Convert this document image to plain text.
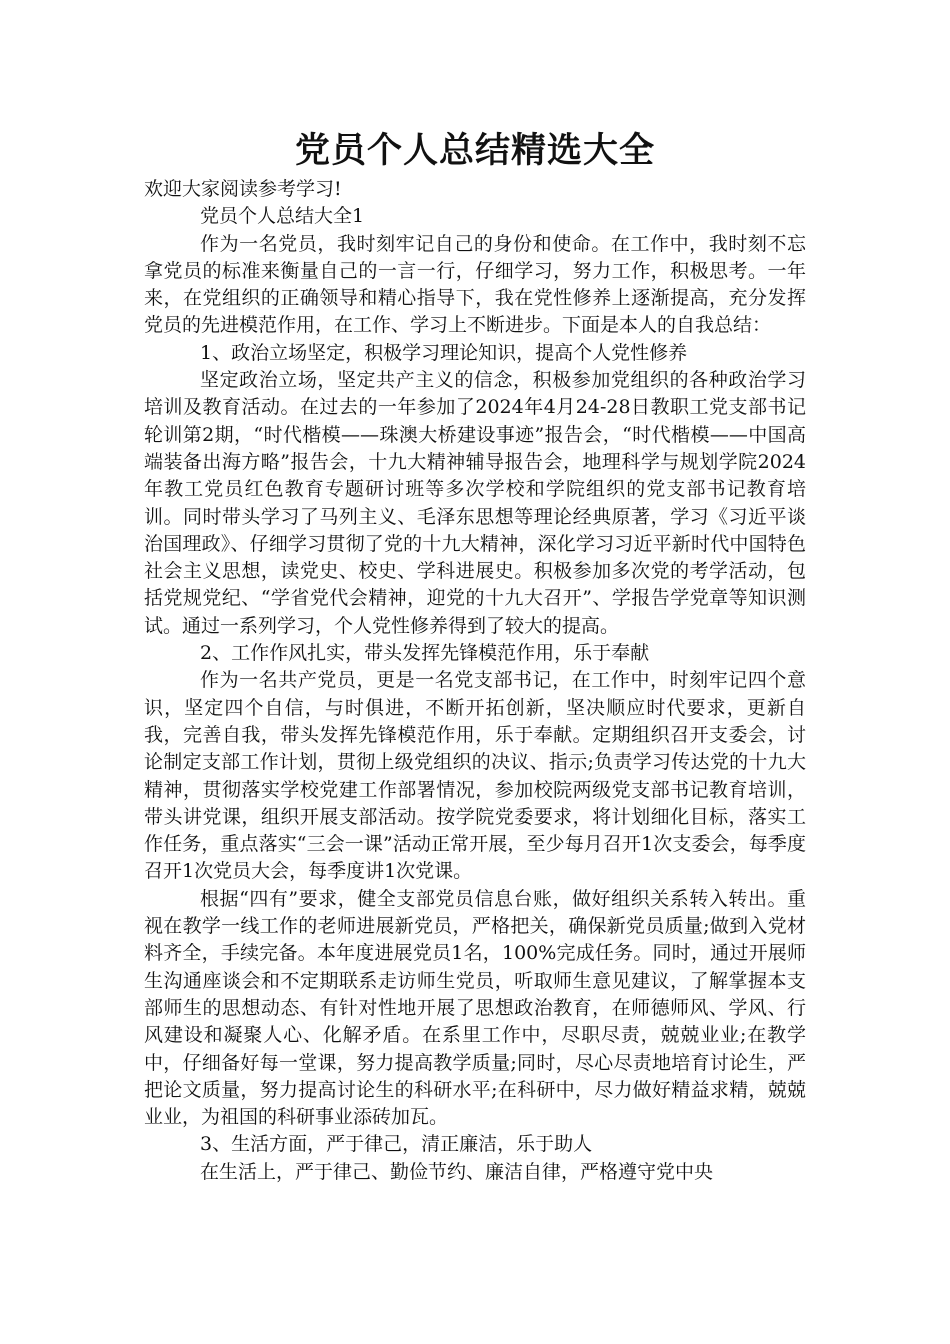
党员个人总结精选大全

欢迎大家阅读参考学习!

党员个人总结大全1

作为一名党员，我时刻牢记自己的身份和使命。在工作中，我时刻不忘拿党员的标准来衡量自己的一言一行，仔细学习，努力工作，积极思考。一年来，在党组织的正确领导和精心指导下，我在党性修养上逐渐提高，充分发挥党员的先进模范作用，在工作、学习上不断进步。下面是本人的自我总结：

1、政治立场坚定，积极学习理论知识，提高个人党性修养

坚定政治立场，坚定共产主义的信念，积极参加党组织的各种政治学习培训及教育活动。在过去的一年参加了2024年4月24-28日教职工党支部书记轮训第2期，“时代楷模——珠澳大桥建设事迹”报告会，“时代楷模——中国高端装备出海方略”报告会，十九大精神辅导报告会，地理科学与规划学院2024年教工党员红色教育专题研讨班等多次学校和学院组织的党支部书记教育培训。同时带头学习了马列主义、毛泽东思想等理论经典原著，学习《习近平谈治国理政》、仔细学习贯彻了党的十九大精神，深化学习习近平新时代中国特色社会主义思想，读党史、校史、学科进展史。积极参加多次党的考学活动，包括党规党纪、“学省党代会精神，迎党的十九大召开”、学报告学党章等知识测试。通过一系列学习，个人党性修养得到了较大的提高。

2、工作作风扎实，带头发挥先锋模范作用，乐于奉献

作为一名共产党员，更是一名党支部书记，在工作中，时刻牢记四个意识，坚定四个自信，与时俱进，不断开拓创新，坚决顺应时代要求，更新自我，完善自我，带头发挥先锋模范作用，乐于奉献。定期组织召开支委会，讨论制定支部工作计划，贯彻上级党组织的决议、指示;负责学习传达党的十九大精神，贯彻落实学校党建工作部署情况，参加校院两级党支部书记教育培训，带头讲党课，组织开展支部活动。按学院党委要求，将计划细化目标，落实工作任务，重点落实“三会一课”活动正常开展，至少每月召开1次支委会，每季度召开1次党员大会，每季度讲1次党课。

根据“四有”要求，健全支部党员信息台账，做好组织关系转入转出。重视在教学一线工作的老师进展新党员，严格把关，确保新党员质量;做到入党材料齐全，手续完备。本年度进展党员1名，100%完成任务。同时，通过开展师生沟通座谈会和不定期联系走访师生党员，听取师生意见建议，了解掌握本支部师生的思想动态、有针对性地开展了思想政治教育，在师德师风、学风、行风建设和凝聚人心、化解矛盾。在系里工作中，尽职尽责，兢兢业业;在教学中，仔细备好每一堂课，努力提高教学质量;同时，尽心尽责地培育讨论生，严把论文质量，努力提高讨论生的科研水平;在科研中，尽力做好精益求精，兢兢业业，为祖国的科研事业添砖加瓦。

3、生活方面，严于律己，清正廉洁，乐于助人

在生活上，严于律己、勤俭节约、廉洁自律，严格遵守党中央
